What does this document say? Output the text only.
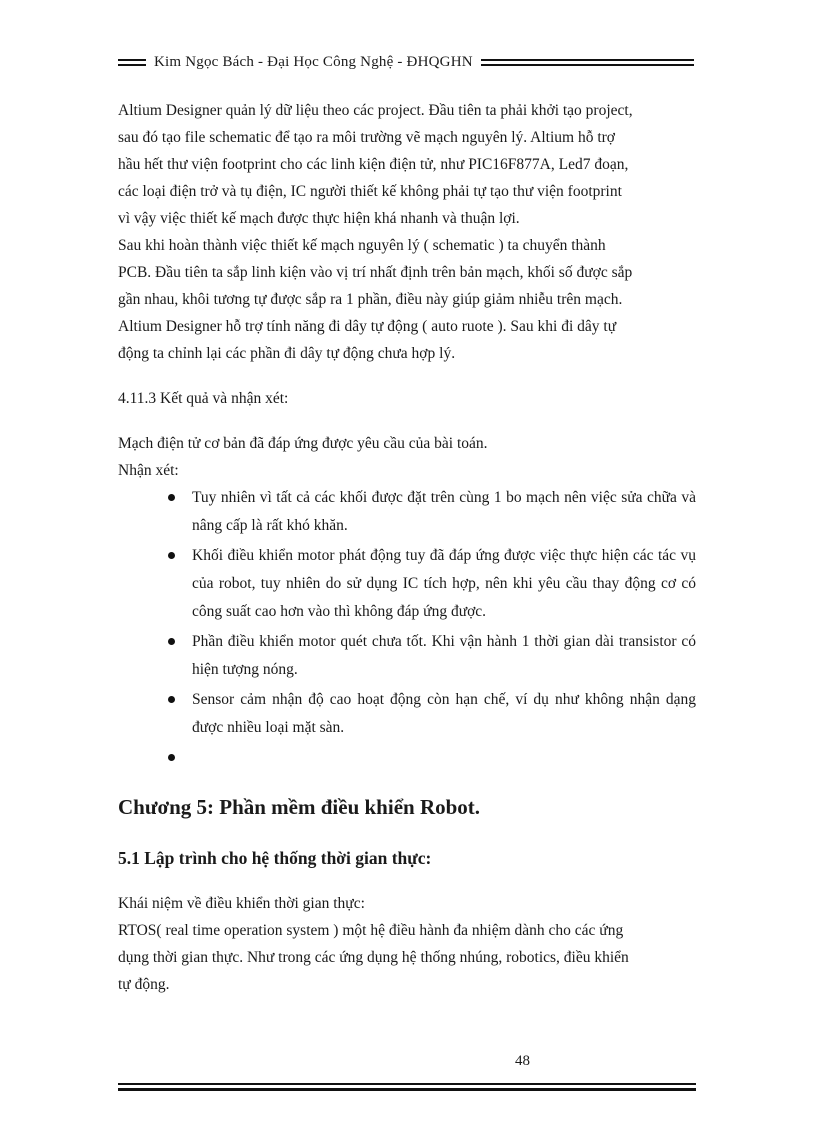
Kim Ngọc Bách - Đại Học Công Nghệ - ĐHQGHN

Altium Designer quản lý dữ liệu theo các project. Đầu tiên ta phải khởi tạo project,

sau đó tạo file schematic để tạo ra môi trường vẽ mạch nguyên lý. Altium hỗ trợ

hầu hết thư viện footprint cho các linh kiện điện tử, như PIC16F877A, Led7 đoạn,

các loại điện trở và tụ điện, IC người thiết kế không phải tự tạo thư viện footprint

vì vậy việc thiết kế mạch được thực hiện khá nhanh và thuận lợi.

Sau khi hoàn thành việc thiết kế mạch nguyên lý ( schematic ) ta chuyển thành

PCB. Đầu tiên ta sắp linh kiện vào vị trí nhất định trên bản mạch, khối số được sắp

gần nhau, khôi tương tự được sắp ra 1 phần, điều này giúp giảm nhiễu trên mạch.

Altium Designer hỗ trợ tính năng đi dây tự động ( auto ruote ). Sau khi đi dây tự

động ta chỉnh lại các phần đi dây tự động chưa hợp lý.

4.11.3 Kết quả và nhận xét:

Mạch điện tử cơ bản đã đáp ứng được yêu cầu của bài toán.

Nhận xét:

Tuy nhiên vì tất cả các khối được đặt trên cùng 1 bo mạch nên việc sửa chữa và nâng cấp là rất khó khăn.
Khối điều khiển motor phát động tuy đã đáp ứng được việc thực hiện các tác vụ của robot, tuy nhiên do sử dụng IC tích hợp, nên khi yêu cầu thay động cơ có công suất cao hơn vào thì không đáp ứng được.
Phần điều khiển motor quét chưa tốt. Khi vận hành 1 thời gian dài transistor có hiện tượng nóng.
Sensor cảm nhận độ cao hoạt động còn hạn chế, ví dụ như không nhận dạng được nhiều loại mặt sàn.
Chương 5: Phần mềm điều khiển Robot.
5.1 Lập trình cho hệ thống thời gian thực:

Khái niệm về điều khiển thời gian thực:

RTOS( real time operation system ) một hệ điều hành đa nhiệm dành cho các ứng

dụng thời gian thực. Như trong các ứng dụng hệ thống nhúng, robotics, điều khiển

tự động.

48
